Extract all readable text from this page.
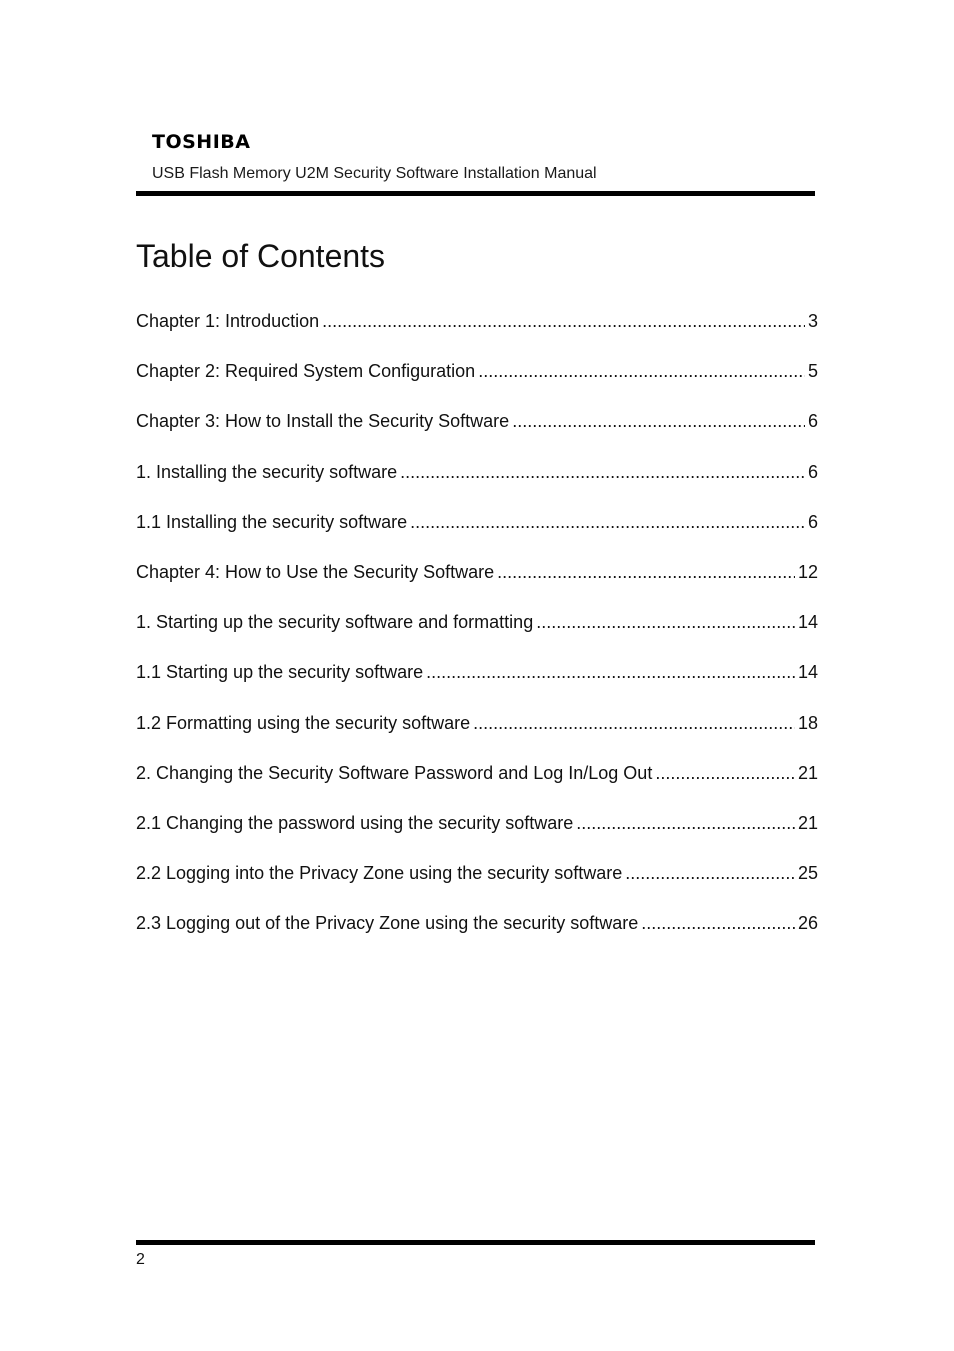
TOSHIBA
USB Flash Memory U2M Security Software Installation Manual
Table of Contents
Chapter 1: Introduction .....	3
Chapter 2: Required System Configuration .....	5
Chapter 3: How to Install the Security Software .....	6
1. Installing the security software .....	6
1.1 Installing the security software .....	6
Chapter 4: How to Use the Security Software .....	12
1. Starting up the security software and formatting .....	14
1.1 Starting up the security software .....	14
1.2 Formatting using the security software .....	18
2. Changing the Security Software Password and Log In/Log Out .....	21
2.1 Changing the password using the security software .....	21
2.2 Logging into the Privacy Zone using the security software .....	25
2.3 Logging out of the Privacy Zone using the security software .....	26
2
